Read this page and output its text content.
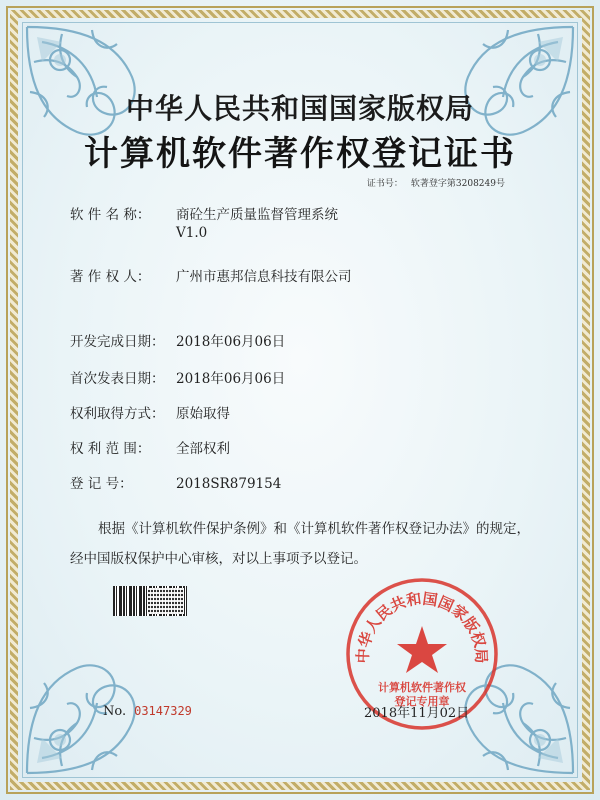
中华人民共和国国家版权局
计算机软件著作权登记证书
证书号： 软著登字第3208249号
软 件 名 称： 商砼生产质量监督管理系统
V1.0
著 作 权 人： 广州市惠邦信息科技有限公司
开发完成日期： 2018年06月06日
首次发表日期： 2018年06月06日
权利取得方式： 原始取得
权 利 范 围： 全部权利
登 记 号：	2018SR879154
根据《计算机软件保护条例》和《计算机软件著作权登记办法》的规定，经中国版权保护中心审核，对以上事项予以登记。
中华人民共和国国家版权局
计算机软件著作权
登记专用章
No. 03147329	2018年11月02日
